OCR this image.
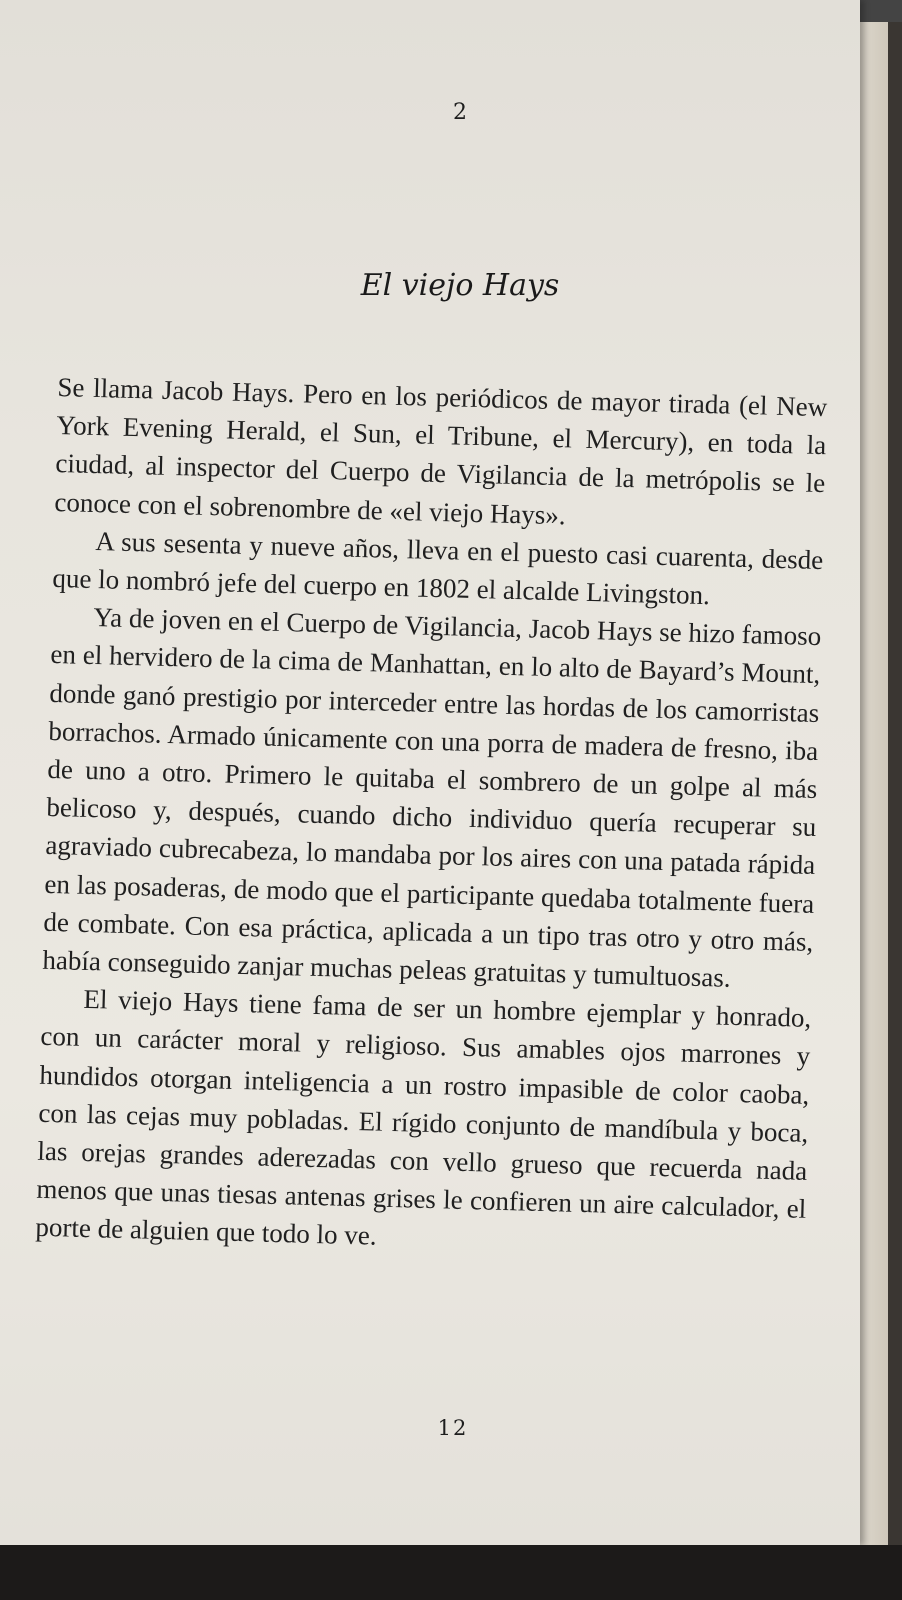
2
El viejo Hays

Se llama Jacob Hays. Pero en los periódicos de mayor tirada (el New York Evening Herald, el Sun, el Tribune, el Mercury), en toda la ciudad, al inspector del Cuerpo de Vigilancia de la metrópolis se le conoce con el sobrenombre de «el viejo Hays».

A sus sesenta y nueve años, lleva en el puesto casi cuarenta, desde que lo nombró jefe del cuerpo en 1802 el alcalde Livingston.

Ya de joven en el Cuerpo de Vigilancia, Jacob Hays se hizo famoso en el hervidero de la cima de Manhattan, en lo alto de Bayard’s Mount, donde ganó prestigio por interceder entre las hordas de los camorristas borrachos. Armado únicamente con una porra de madera de fresno, iba de uno a otro. Primero le quitaba el sombrero de un golpe al más belicoso y, después, cuando dicho individuo quería recuperar su agraviado cubrecabeza, lo mandaba por los aires con una patada rápida en las posaderas, de modo que el participante quedaba totalmente fuera de combate. Con esa práctica, aplicada a un tipo tras otro y otro más, había conseguido zanjar muchas peleas gratuitas y tumultuosas.

El viejo Hays tiene fama de ser un hombre ejemplar y honrado, con un carácter moral y religioso. Sus amables ojos marrones y hundidos otorgan inteligencia a un rostro impasible de color caoba, con las cejas muy pobladas. El rígido conjunto de mandíbula y boca, las orejas grandes aderezadas con vello grueso que recuerda nada menos que unas tiesas antenas grises le confieren un aire calculador, el porte de alguien que todo lo ve.

12
